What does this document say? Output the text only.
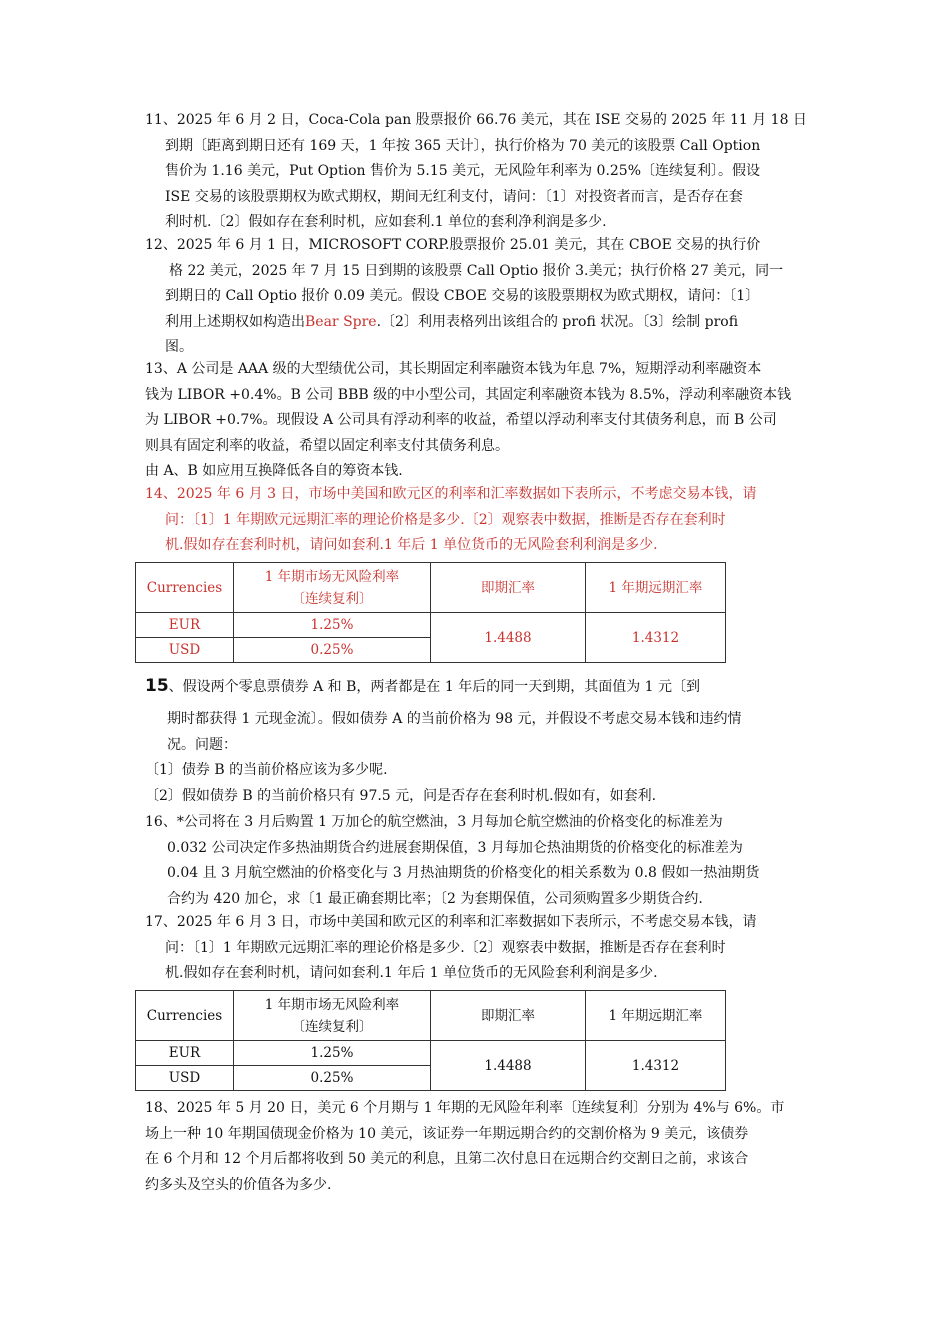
11、2025 年 6 月 2 日，Coca-Cola pan 股票报价 66.76 美元，其在 ISE 交易的 2025 年 11 月 18 日
到期〔距离到期日还有 169 天，1 年按 365 天计〕，执行价格为 70 美元的该股票 Call Option
售价为 1.16 美元，Put Option 售价为 5.15 美元，无风险年利率为 0.25%〔连续复利〕。假设
ISE 交易的该股票期权为欧式期权，期间无红利支付，请问：〔1〕对投资者而言，是否存在套
利时机.〔2〕假如存在套利时机，应如套利.1 单位的套利净利润是多少.
12、2025 年 6 月 1 日，MICROSOFT CORP.股票报价 25.01 美元，其在 CBOE 交易的执行价
格 22 美元，2025 年 7 月 15 日到期的该股票 Call Optio 报价 3.美元；执行价格 27 美元，同一
到期日的 Call Optio 报价 0.09 美元。假设 CBOE 交易的该股票期权为欧式期权，请问：〔1〕
利用上述期权如构造出Bear Spre.〔2〕利用表格列出该组合的 profi 状况。〔3〕绘制 profi
图。
13、A 公司是 AAA 级的大型绩优公司，其长期固定利率融资本钱为年息 7%，短期浮动利率融资本
钱为 LIBOR +0.4%。B 公司 BBB 级的中小型公司，其固定利率融资本钱为 8.5%，浮动利率融资本钱
为 LIBOR +0.7%。现假设 A 公司具有浮动利率的收益，希望以浮动利率支付其债务利息，而 B 公司
则具有固定利率的收益，希望以固定利率支付其债务利息。
由 A、B 如应用互换降低各自的筹资本钱.
14、2025 年 6 月 3 日，市场中美国和欧元区的利率和汇率数据如下表所示，不考虑交易本钱，请
问：〔1〕1 年期欧元远期汇率的理论价格是多少.〔2〕观察表中数据，推断是否存在套利时
机.假如存在套利时机，请问如套利.1 年后 1 单位货币的无风险套利利润是多少.
Currencies	1 年期市场无风险利率
〔连续复利〕	即期汇率	1 年期远期汇率
EUR	1.25%	1.4488	1.4312
USD	0.25%		
15、假设两个零息票债券 A 和 B，两者都是在 1 年后的同一天到期，其面值为 1 元〔到
期时都获得 1 元现金流〕。假如债券 A 的当前价格为 98 元，并假设不考虑交易本钱和违约情
况。问题：
〔1〕债券 B 的当前价格应该为多少呢.
〔2〕假如债券 B 的当前价格只有 97.5 元，问是否存在套利时机.假如有，如套利.
16、*公司将在 3 月后购置 1 万加仑的航空燃油，3 月每加仑航空燃油的价格变化的标准差为
0.032 公司决定作多热油期货合约进展套期保值，3 月每加仑热油期货的价格变化的标准差为
0.04 且 3 月航空燃油的价格变化与 3 月热油期货的价格变化的相关系数为 0.8 假如一热油期货
合约为 420 加仑，求〔1 最正确套期比率；〔2 为套期保值，公司须购置多少期货合约.
17、2025 年 6 月 3 日，市场中美国和欧元区的利率和汇率数据如下表所示，不考虑交易本钱，请
问：〔1〕1 年期欧元远期汇率的理论价格是多少.〔2〕观察表中数据，推断是否存在套利时
机.假如存在套利时机，请问如套利.1 年后 1 单位货币的无风险套利利润是多少.
Currencies	1 年期市场无风险利率
〔连续复利〕	即期汇率	1 年期远期汇率
EUR	1.25%	1.4488	1.4312
USD	0.25%		
18、2025 年 5 月 20 日，美元 6 个月期与 1 年期的无风险年利率〔连续复利〕分别为 4%与 6%。市
场上一种 10 年期国债现金价格为 10 美元，该证券一年期远期合约的交割价格为 9 美元，该债券
在 6 个月和 12 个月后都将收到 50 美元的利息，且第二次付息日在远期合约交割日之前，求该合
约多头及空头的价值各为多少.
